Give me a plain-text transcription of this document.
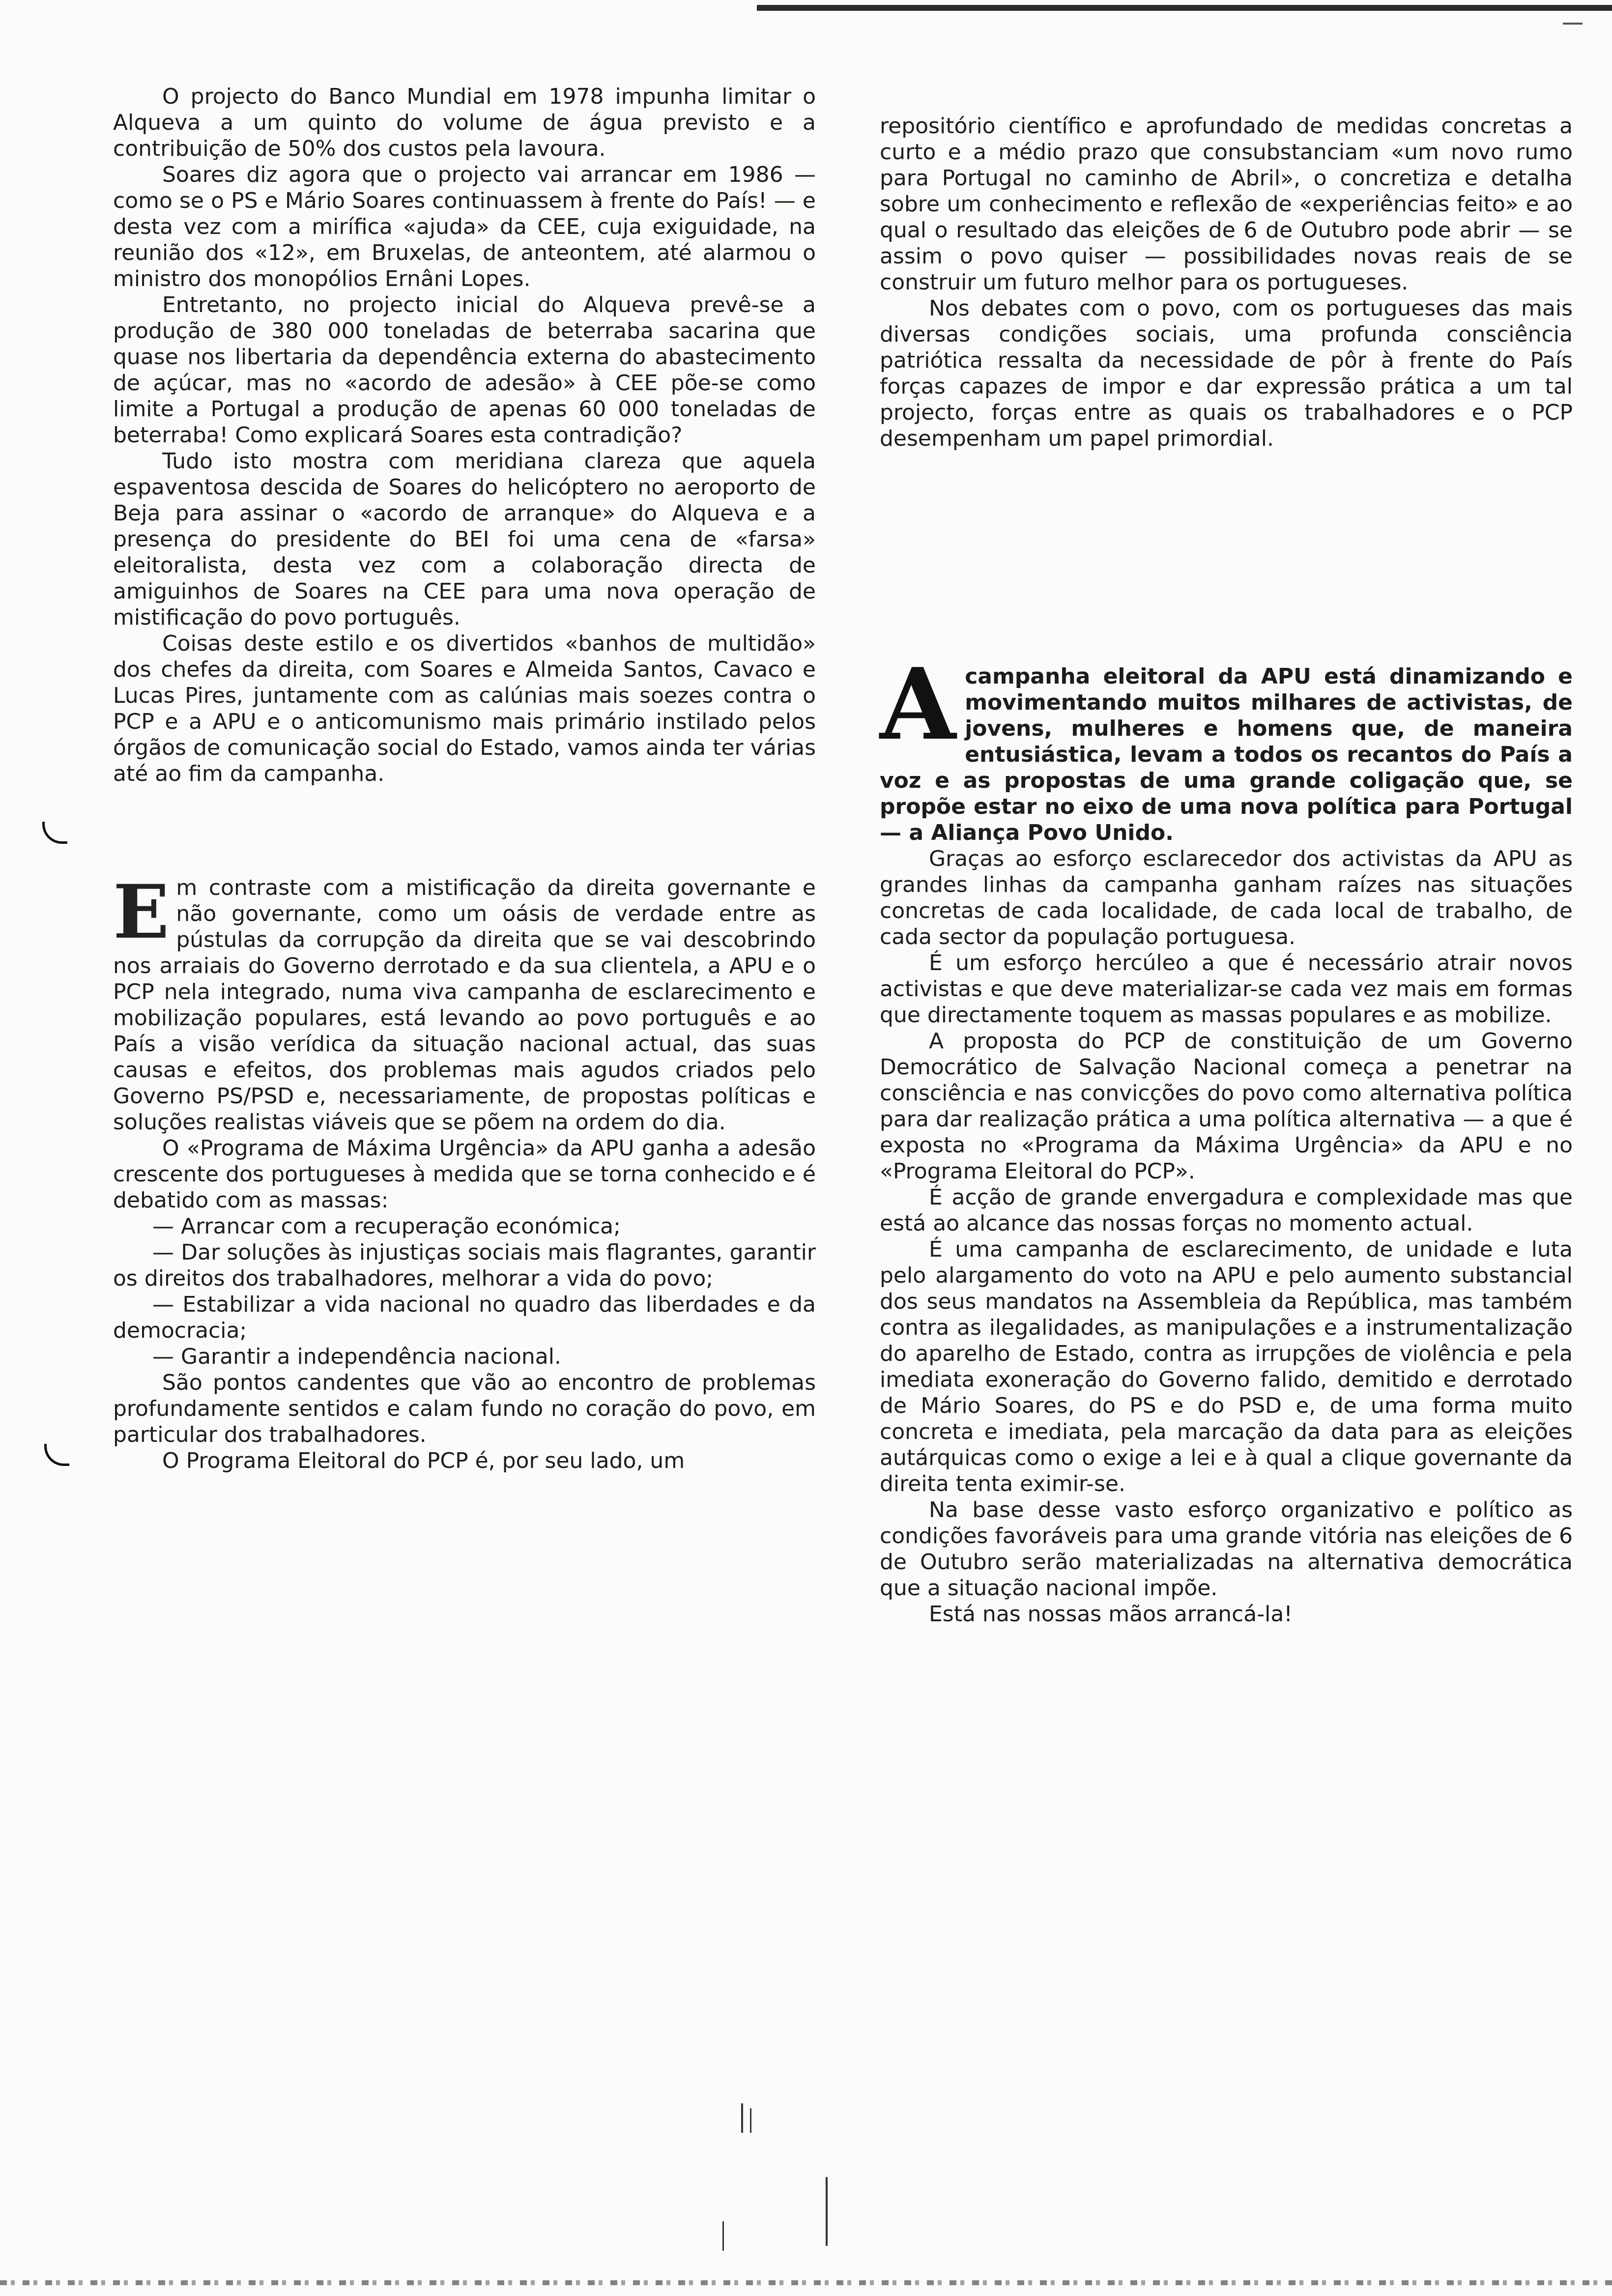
O projecto do Banco Mundial em 1978 impunha limitar o Alqueva a um quinto do volume de água previsto e a contribuição de 50% dos custos pela lavoura.

Soares diz agora que o projecto vai arrancar em 1986 — como se o PS e Mário Soares continuassem à frente do País! — e desta vez com a mirífica «ajuda» da CEE, cuja exiguidade, na reunião dos «12», em Bruxelas, de anteontem, até alarmou o ministro dos monopólios Ernâni Lopes.

Entretanto, no projecto inicial do Alqueva prevê-se a produção de 380 000 toneladas de beterraba sacarina que quase nos libertaria da dependência externa do abastecimento de açúcar, mas no «acordo de adesão» à CEE põe-se como limite a Portugal a produção de apenas 60 000 toneladas de beterraba! Como explicará Soares esta contradição?

Tudo isto mostra com meridiana clareza que aquela espaventosa descida de Soares do helicóptero no aeroporto de Beja para assinar o «acordo de arranque» do Alqueva e a presença do presidente do BEI foi uma cena de «farsa» eleitoralista, desta vez com a colaboração directa de amiguinhos de Soares na CEE para uma nova operação de mistificação do povo português.

Coisas deste estilo e os divertidos «banhos de multidão» dos chefes da direita, com Soares e Almeida Santos, Cavaco e Lucas Pires, juntamente com as calúnias mais soezes contra o PCP e a APU e o anticomunismo mais primário instilado pelos órgãos de comunicação social do Estado, vamos ainda ter várias até ao fim da campanha.

E m contraste com a mistificação da direita governante e não governante, como um oásis de verdade entre as pústulas da corrupção da direita que se vai descobrindo nos arraiais do Governo derrotado e da sua clientela, a APU e o PCP nela integrado, numa viva campanha de esclarecimento e mobilização populares, está levando ao povo português e ao País a visão verídica da situação nacional actual, das suas causas e efeitos, dos problemas mais agudos criados pelo Governo PS/PSD e, necessariamente, de propostas políticas e soluções realistas viáveis que se põem na ordem do dia.

O «Programa de Máxima Urgência» da APU ganha a adesão crescente dos portugueses à medida que se torna conhecido e é debatido com as massas:

— Arrancar com a recuperação económica;

— Dar soluções às injustiças sociais mais flagrantes, garantir os direitos dos trabalhadores, melhorar a vida do povo;

— Estabilizar a vida nacional no quadro das liberdades e da democracia;

— Garantir a independência nacional.

São pontos candentes que vão ao encontro de problemas profundamente sentidos e calam fundo no coração do povo, em particular dos trabalhadores.

O Programa Eleitoral do PCP é, por seu lado, um

repositório científico e aprofundado de medidas concretas a curto e a médio prazo que consubstanciam «um novo rumo para Portugal no caminho de Abril», o concretiza e detalha sobre um conhecimento e reflexão de «experiências feito» e ao qual o resultado das eleições de 6 de Outubro pode abrir — se assim o povo quiser — possibilidades novas reais de se construir um futuro melhor para os portugueses.

Nos debates com o povo, com os portugueses das mais diversas condições sociais, uma profunda consciência patriótica ressalta da necessidade de pôr à frente do País forças capazes de impor e dar expressão prática a um tal projecto, forças entre as quais os trabalhadores e o PCP desempenham um papel primordial.

A campanha eleitoral da APU está dinamizando e movimentando muitos milhares de activistas, de jovens, mulheres e homens que, de maneira entusiástica, levam a todos os recantos do País a voz e as propostas de uma grande coligação que, se propõe estar no eixo de uma nova política para Portugal — a Aliança Povo Unido.

Graças ao esforço esclarecedor dos activistas da APU as grandes linhas da campanha ganham raízes nas situações concretas de cada localidade, de cada local de trabalho, de cada sector da população portuguesa.

É um esforço hercúleo a que é necessário atrair novos activistas e que deve materializar-se cada vez mais em formas que directamente toquem as massas populares e as mobilize.

A proposta do PCP de constituição de um Governo Democrático de Salvação Nacional começa a penetrar na consciência e nas convicções do povo como alternativa política para dar realização prática a uma política alternativa — a que é exposta no «Programa da Máxima Urgência» da APU e no «Programa Eleitoral do PCP».

É acção de grande envergadura e complexidade mas que está ao alcance das nossas forças no momento actual.

É uma campanha de esclarecimento, de unidade e luta pelo alargamento do voto na APU e pelo aumento substancial dos seus mandatos na Assembleia da República, mas também contra as ilegalidades, as manipulações e a instrumentalização do aparelho de Estado, contra as irrupções de violência e pela imediata exoneração do Governo falido, demitido e derrotado de Mário Soares, do PS e do PSD e, de uma forma muito concreta e imediata, pela marcação da data para as eleições autárquicas como o exige a lei e à qual a clique governante da direita tenta eximir-se.

Na base desse vasto esforço organizativo e político as condições favoráveis para uma grande vitória nas eleições de 6 de Outubro serão materializadas na alternativa democrática que a situação nacional impõe.

Está nas nossas mãos arrancá-la!
